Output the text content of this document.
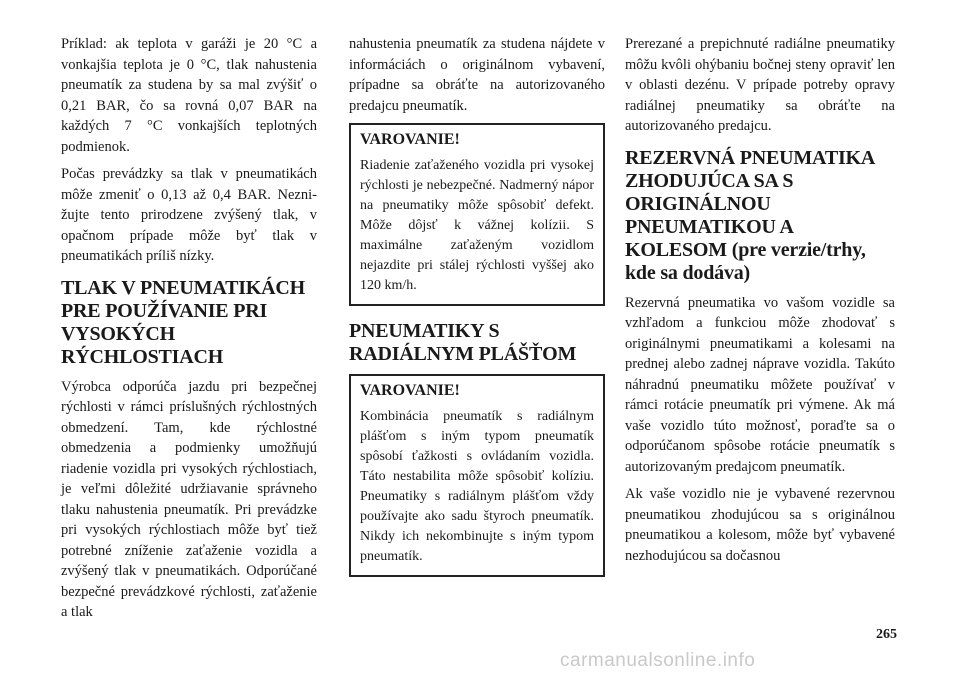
Príklad: ak teplota v garáži je 20 °C a vonkajšia teplota je 0 °C, tlak nahustenia pneumatík za studena by sa mal zvýšiť o 0,21 BAR, čo sa rovná 0,07 BAR na každých 7 °C vonkajších teplotných podmienok.

Počas prevádzky sa tlak v pneumatikách môže zmeniť o 0,13 až 0,4 BAR. Neznižujte tento prirodzene zvýšený tlak, v opačnom prípade môže byť tlak v pneumatikách príliš nízky.

TLAK V PNEUMATIKÁCH PRE POUŽÍVANIE PRI VYSOKÝCH RÝCHLOSTIACH

Výrobca odporúča jazdu pri bezpečnej rýchlosti v rámci príslušných rýchlostných obmedzení. Tam, kde rýchlostné obmedzenia a podmienky umožňujú riadenie vozidla pri vysokých rýchlostiach, je veľmi dôležité udržiavanie správneho tlaku nahustenia pneumatík. Pri prevádzke pri vysokých rýchlostiach môže byť tiež potrebné zníženie zaťaženie vozidla a zvýšený tlak v pneumatikách. Odporúčané bezpečné prevádzkové rýchlosti, zaťaženie a tlak

nahustenia pneumatík za studena nájdete v informáciách o originálnom vybavení, prípadne sa obráťte na autorizovaného predajcu pneumatík.

VAROVANIE!

Riadenie zaťaženého vozidla pri vysokej rýchlosti je nebezpečné. Nadmerný nápor na pneumatiky môže spôsobiť defekt. Môže dôjsť k vážnej kolízii. S maximálne zaťaženým vozidlom nejazdite pri stálej rýchlosti vyššej ako 120 km/h.

PNEUMATIKY S RADIÁLNYM PLÁŠŤOM
VAROVANIE!

Kombinácia pneumatík s radiálnym plášťom s iným typom pneumatík spôsobí ťažkosti s ovládaním vozidla. Táto nestabilita môže spôsobiť kolíziu. Pneumatiky s radiálnym plášťom vždy používajte ako sadu štyroch pneumatík. Nikdy ich nekombinujte s iným typom pneumatík.

Prerezané a prepichnuté radiálne pneumatiky môžu kvôli ohýbaniu bočnej steny opraviť len v oblasti dezénu. V prípade potreby opravy radiálnej pneumatiky sa obráťte na autorizovaného predajcu.

REZERVNÁ PNEUMATIKA ZHODUJÚCA SA S ORIGINÁLNOU PNEUMATIKOU A KOLESOM (pre verzie/trhy, kde sa dodáva)

Rezervná pneumatika vo vašom vozidle sa vzhľadom a funkciou môže zhodovať s originálnymi pneumatikami a kolesami na prednej alebo zadnej náprave vozidla. Takúto náhradnú pneumatiku môžete používať v rámci rotácie pneumatík pri výmene. Ak má vaše vozidlo túto možnosť, poraďte sa o odporúčanom spôsobe rotácie pneumatík s autorizovaným predajcom pneumatík.

Ak vaše vozidlo nie je vybavené rezervnou pneumatikou zhodujúcou sa s originálnou pneumatikou a kolesom, môže byť vybavené nezhodujúcou sa dočasnou

265
carmanualsonline.info
